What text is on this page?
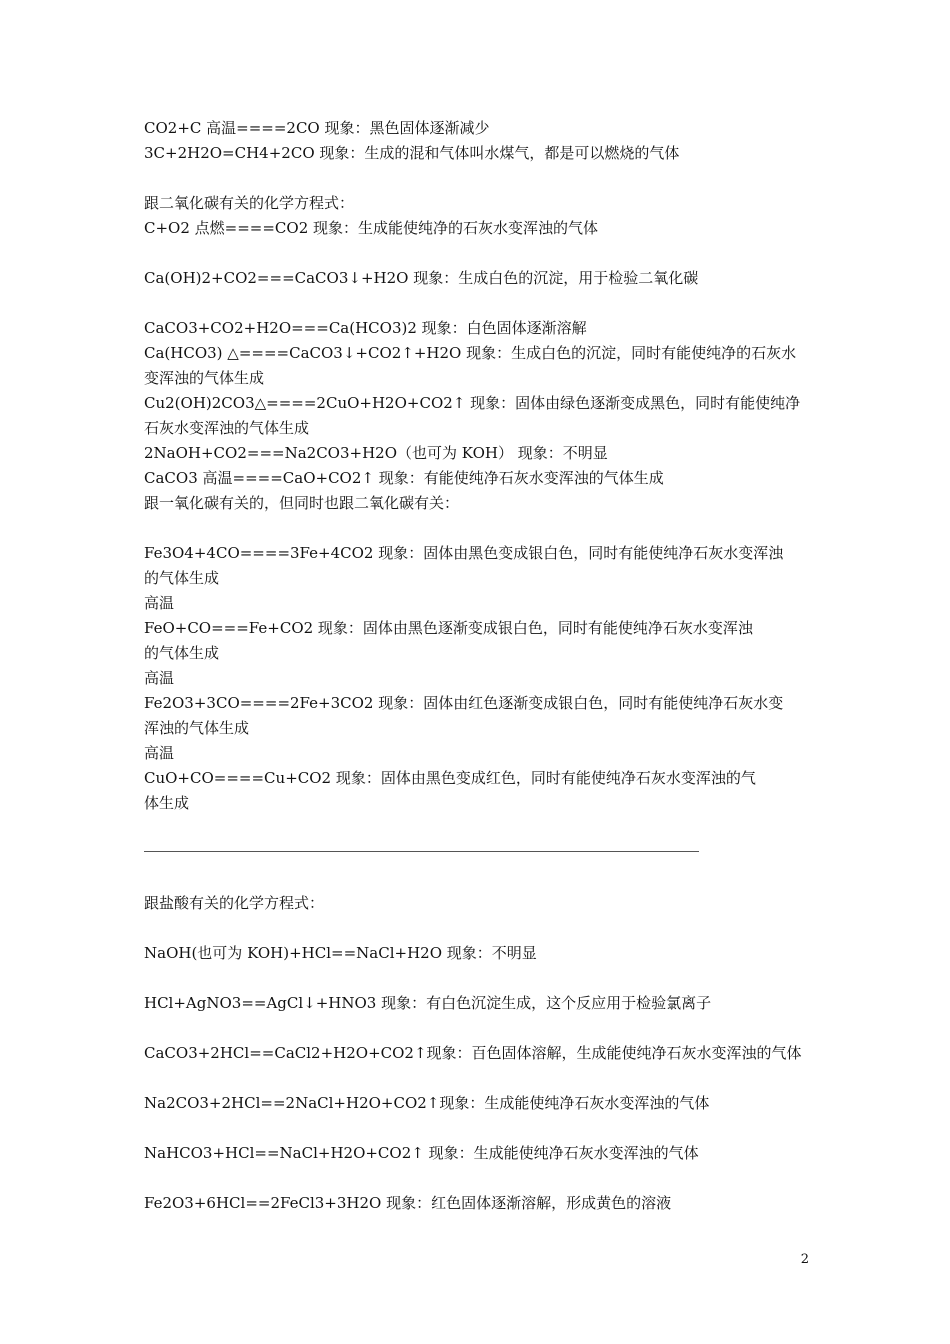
CO2+C 高温====2CO 现象：黑色固体逐渐减少
3C+2H2O=CH4+2CO 现象：生成的混和气体叫水煤气，都是可以燃烧的气体
跟二氧化碳有关的化学方程式：
C+O2 点燃====CO2 现象：生成能使纯净的石灰水变浑浊的气体
Ca(OH)2+CO2===CaCO3↓+H2O 现象：生成白色的沉淀，用于检验二氧化碳
CaCO3+CO2+H2O===Ca(HCO3)2 现象：白色固体逐渐溶解
Ca(HCO3) △====CaCO3↓+CO2↑+H2O 现象：生成白色的沉淀，同时有能使纯净的石灰水
变浑浊的气体生成
Cu2(OH)2CO3△====2CuO+H2O+CO2↑ 现象：固体由绿色逐渐变成黑色，同时有能使纯净
石灰水变浑浊的气体生成
2NaOH+CO2===Na2CO3+H2O（也可为 KOH） 现象：不明显
CaCO3 高温====CaO+CO2↑ 现象：有能使纯净石灰水变浑浊的气体生成
跟一氧化碳有关的，但同时也跟二氧化碳有关：
Fe3O4+4CO====3Fe+4CO2 现象：固体由黑色变成银白色，同时有能使纯净石灰水变浑浊
的气体生成
高温
FeO+CO===Fe+CO2 现象：固体由黑色逐渐变成银白色，同时有能使纯净石灰水变浑浊
的气体生成
高温
Fe2O3+3CO====2Fe+3CO2 现象：固体由红色逐渐变成银白色，同时有能使纯净石灰水变
浑浊的气体生成
高温
CuO+CO====Cu+CO2 现象：固体由黑色变成红色，同时有能使纯净石灰水变浑浊的气
体生成
跟盐酸有关的化学方程式：
NaOH(也可为 KOH)+HCl==NaCl+H2O 现象：不明显
HCl+AgNO3==AgCl↓+HNO3 现象：有白色沉淀生成，这个反应用于检验氯离子
CaCO3+2HCl==CaCl2+H2O+CO2↑现象：百色固体溶解，生成能使纯净石灰水变浑浊的气体
Na2CO3+2HCl==2NaCl+H2O+CO2↑现象：生成能使纯净石灰水变浑浊的气体
NaHCO3+HCl==NaCl+H2O+CO2↑ 现象：生成能使纯净石灰水变浑浊的气体
Fe2O3+6HCl==2FeCl3+3H2O 现象：红色固体逐渐溶解，形成黄色的溶液
2
